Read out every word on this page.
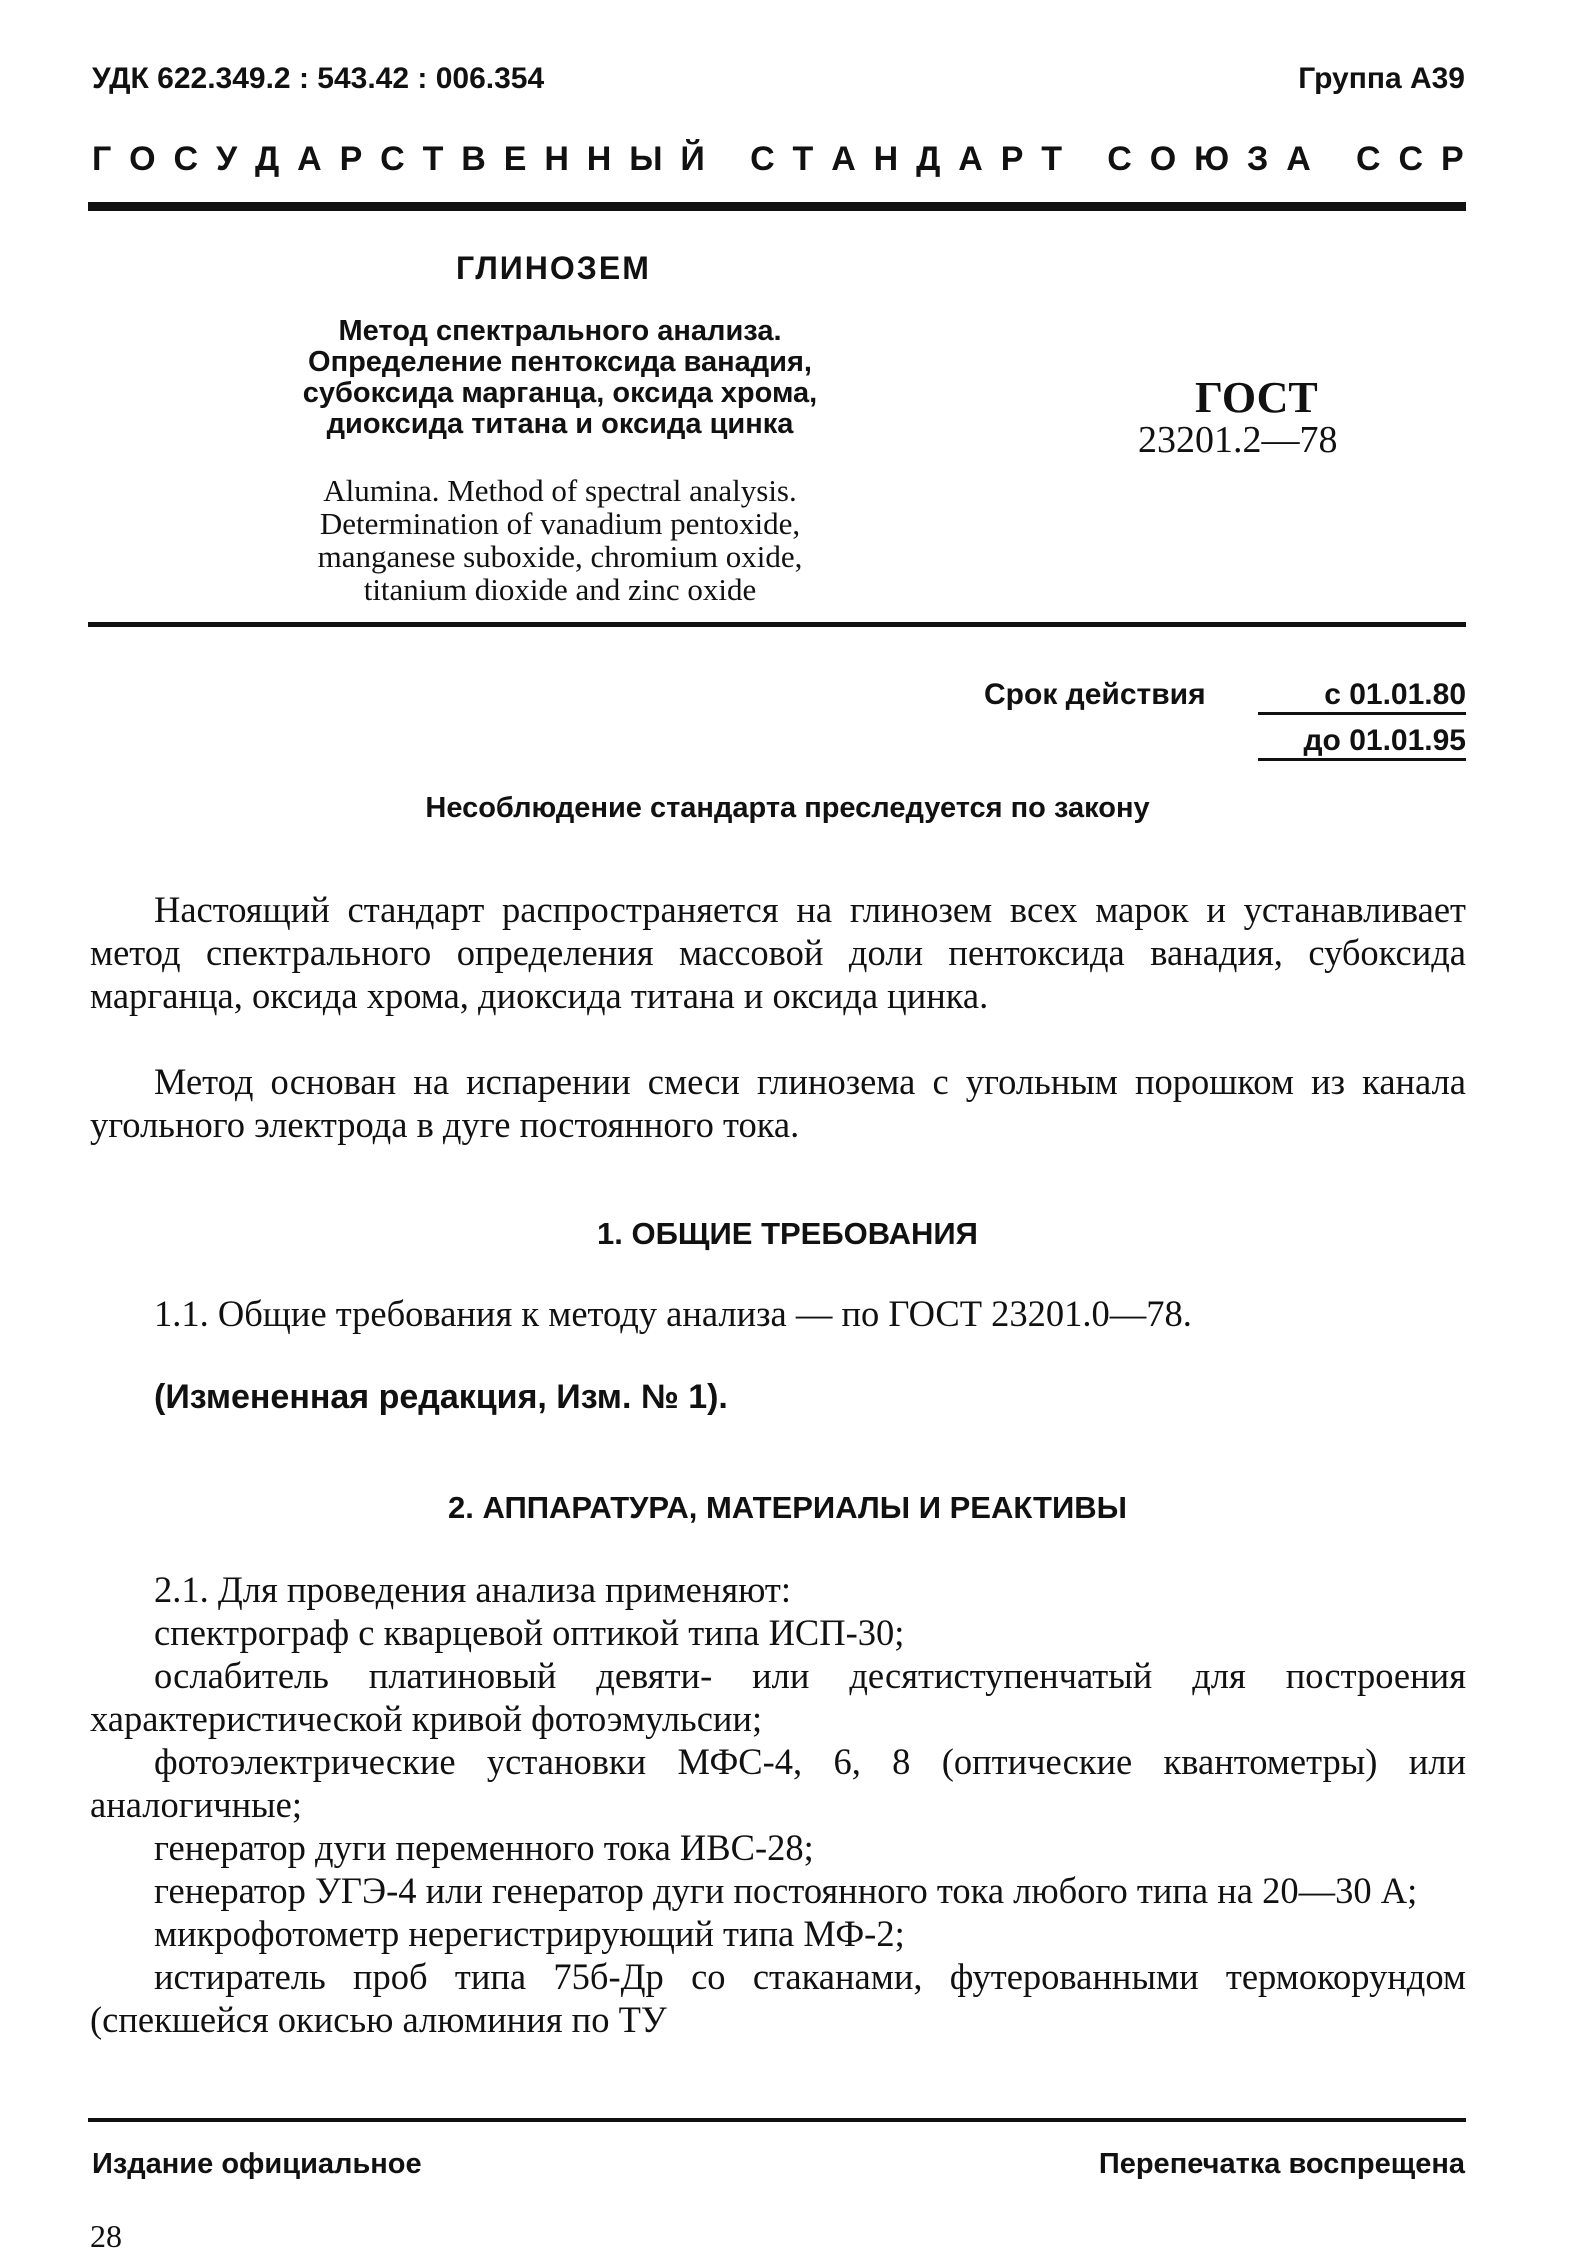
УДК 622.349.2 : 543.42 : 006.354	Группа А39
Г О С У Д А Р С Т В Е Н Н Ы Й
С Т А Н Д А Р Т
С О Ю З А
С С Р
ГЛИНОЗЕМ
Метод спектрального анализа.
Определение пентоксида ванадия,
субоксида марганца, оксида хрома,
диоксида титана и оксида цинка
Alumina. Method of spectral analysis.
Determination of vanadium pentoxide,
manganese suboxide, chromium oxide,
titanium dioxide and zinc oxide
ГОСТ
23201.2—78
Срок действия	с 01.01.80
до 01.01.95
Несоблюдение стандарта преследуется по закону
Настоящий стандарт распространяется на глинозем всех марок и устанавливает метод спектрального определения массовой доли пентоксида ванадия, субоксида марганца, оксида хрома, диоксида титана и оксида цинка.
Метод основан на испарении смеси глинозема с угольным порошком из канала угольного электрода в дуге постоянного тока.
1. ОБЩИЕ ТРЕБОВАНИЯ
1.1. Общие требования к методу анализа — по ГОСТ 23201.0—78.
(Измененная редакция, Изм. № 1).
2. АППАРАТУРА, МАТЕРИАЛЫ И РЕАКТИВЫ
2.1. Для проведения анализа применяют:
спектрограф с кварцевой оптикой типа ИСП-30;
ослабитель платиновый девяти- или десятиступенчатый для построения характеристической кривой фотоэмульсии;
фотоэлектрические установки МФС-4, 6, 8 (оптические квантометры) или аналогичные;
генератор дуги переменного тока ИВС-28;
генератор УГЭ-4 или генератор дуги постоянного тока любого типа на 20—30 А;
микрофотометр нерегистрирующий типа МФ-2;
истиратель проб типа 75б-Др со стаканами, футерованными термокорундом (спекшейся окисью алюминия по ТУ
Издание официальное	Перепечатка воспрещена
28
